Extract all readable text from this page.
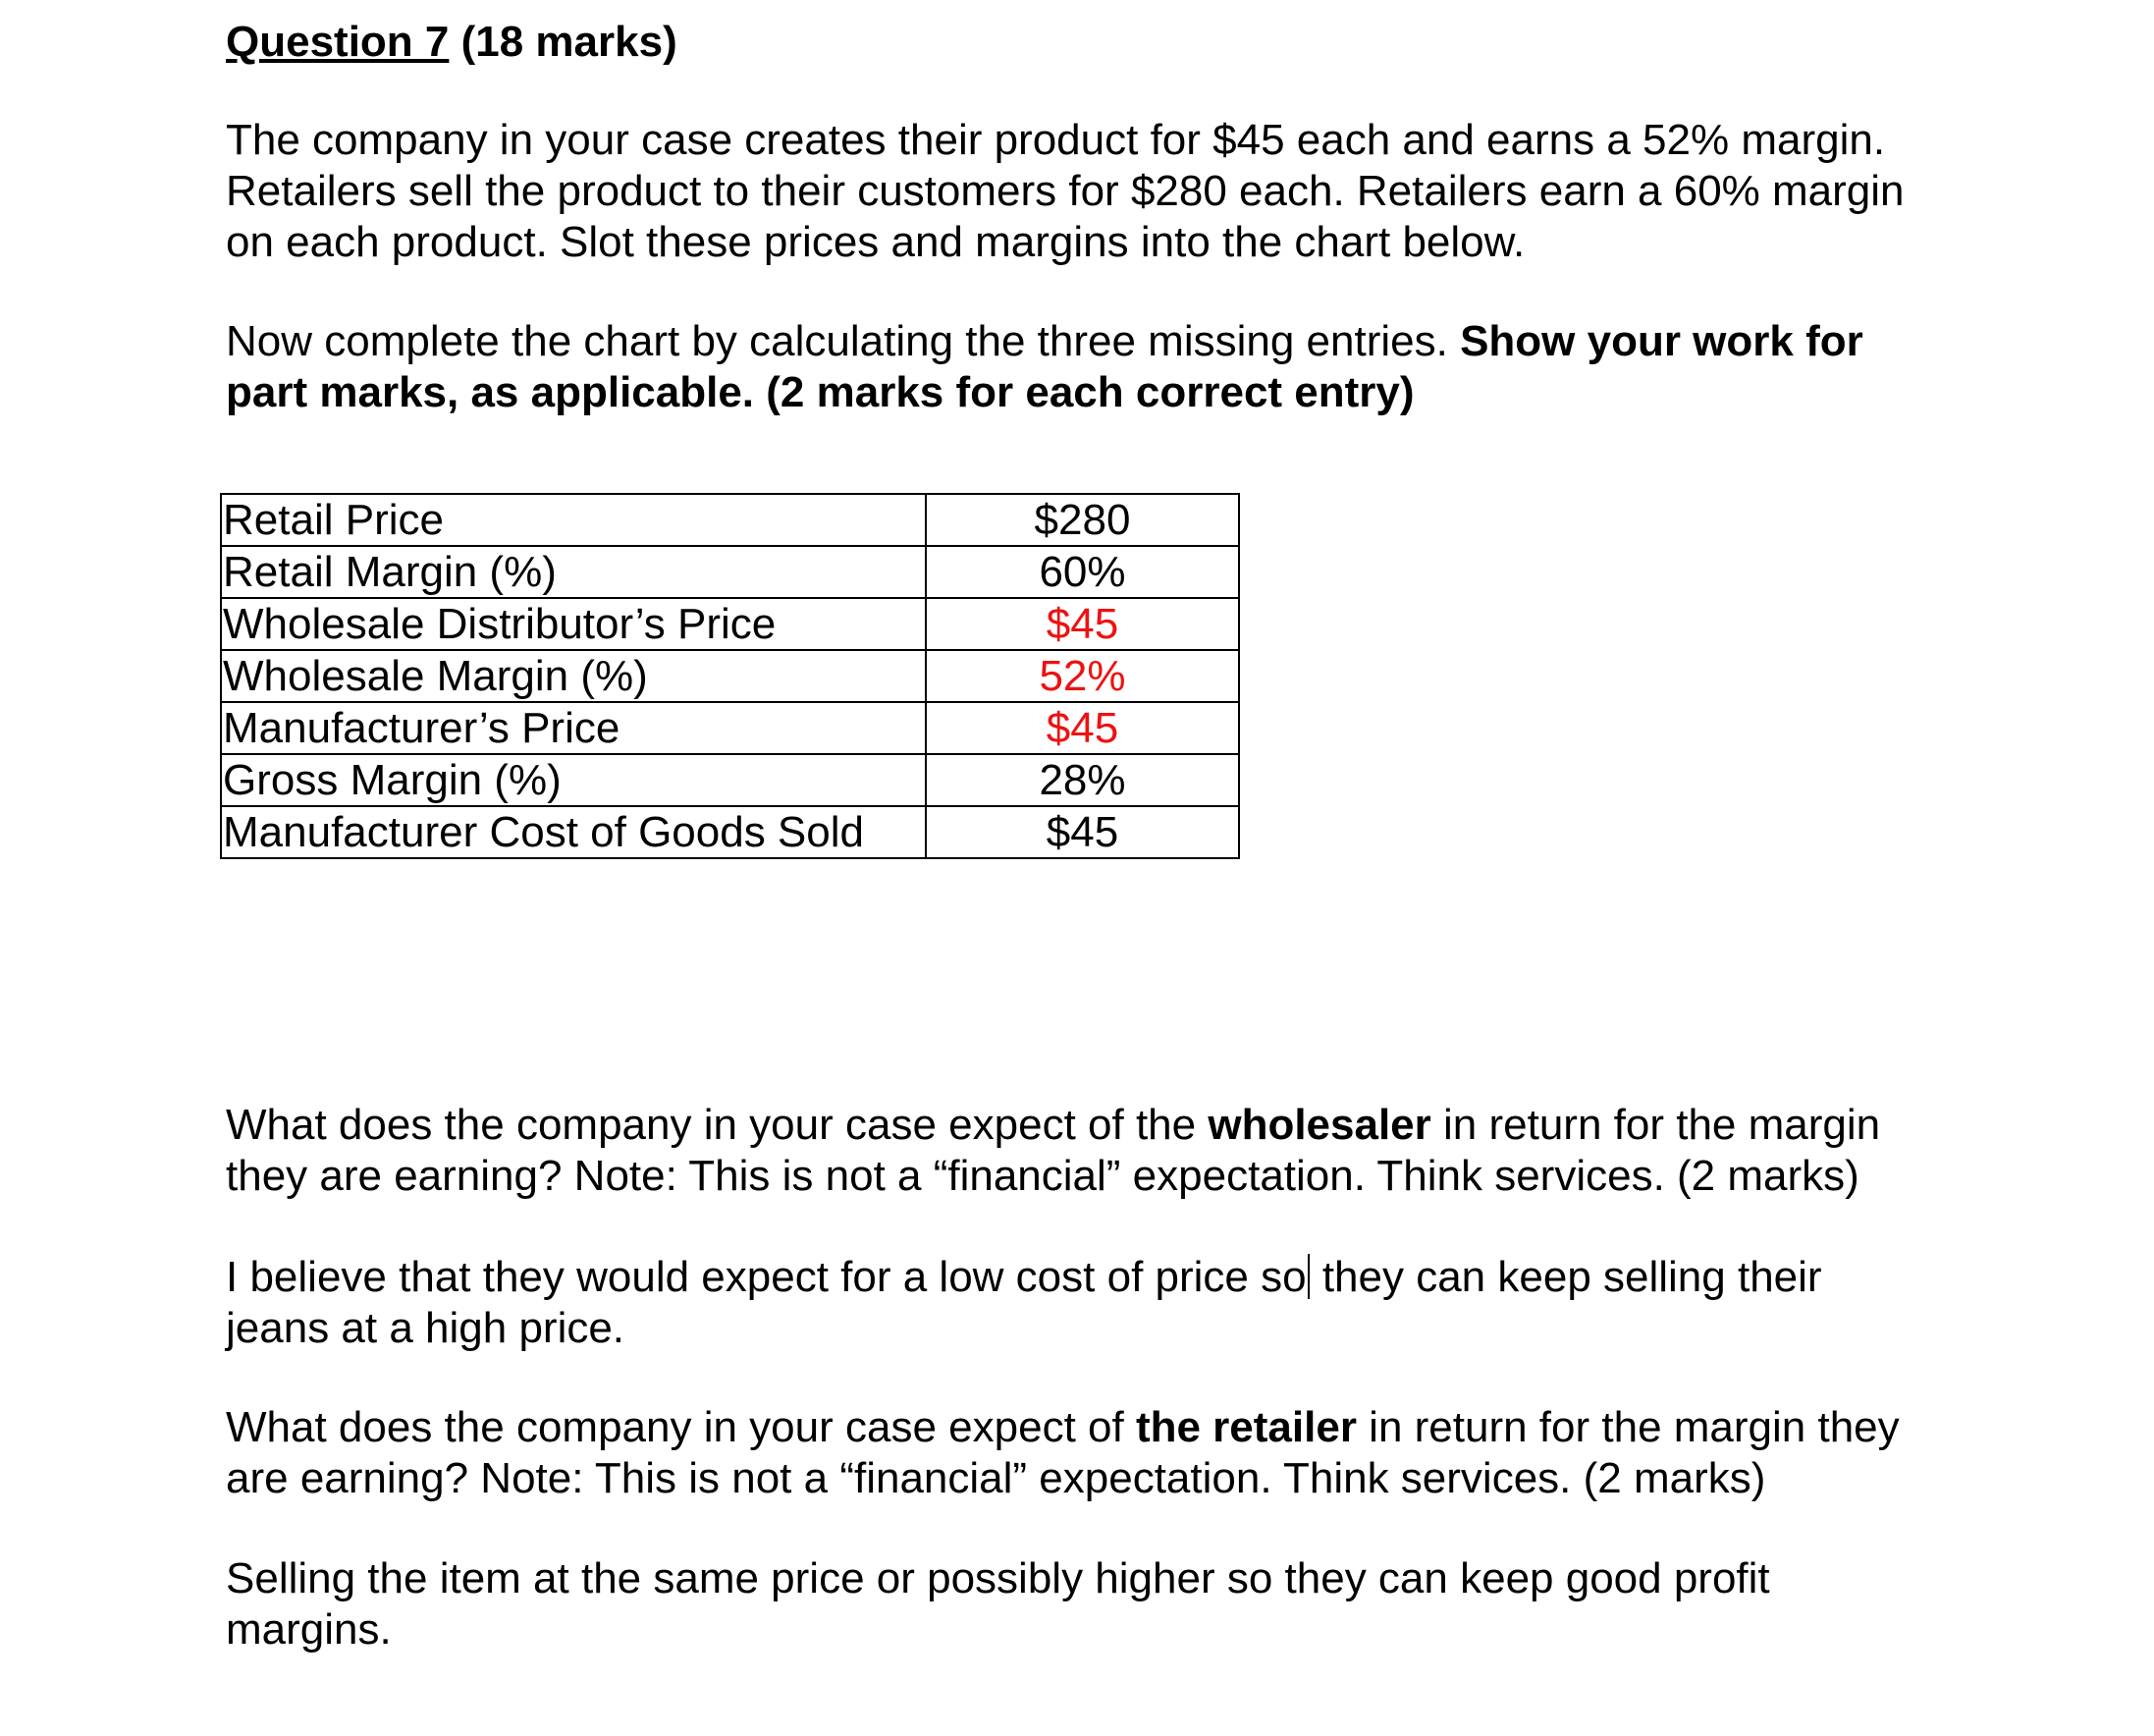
Question 7 (18 marks)

The company in your case creates their product for $45 each and earns a 52% margin.
Retailers sell the product to their customers for $280 each. Retailers earn a 60% margin
on each product. Slot these prices and margins into the chart below.

Now complete the chart by calculating the three missing entries. Show your work for
part marks, as applicable. (2 marks for each correct entry)

Retail Price	$280
Retail Margin (%)	60%
Wholesale Distributor’s Price	$45
Wholesale Margin (%)	52%
Manufacturer’s Price	$45
Gross Margin (%)	28%
Manufacturer Cost of Goods Sold	$45

What does the company in your case expect of the wholesaler in return for the margin
they are earning? Note: This is not a “financial” expectation. Think services. (2 marks)

I believe that they would expect for a low cost of price so they can keep selling their
jeans at a high price.

What does the company in your case expect of the retailer in return for the margin they
are earning? Note: This is not a “financial” expectation. Think services. (2 marks)

Selling the item at the same price or possibly higher so they can keep good profit
margins.
